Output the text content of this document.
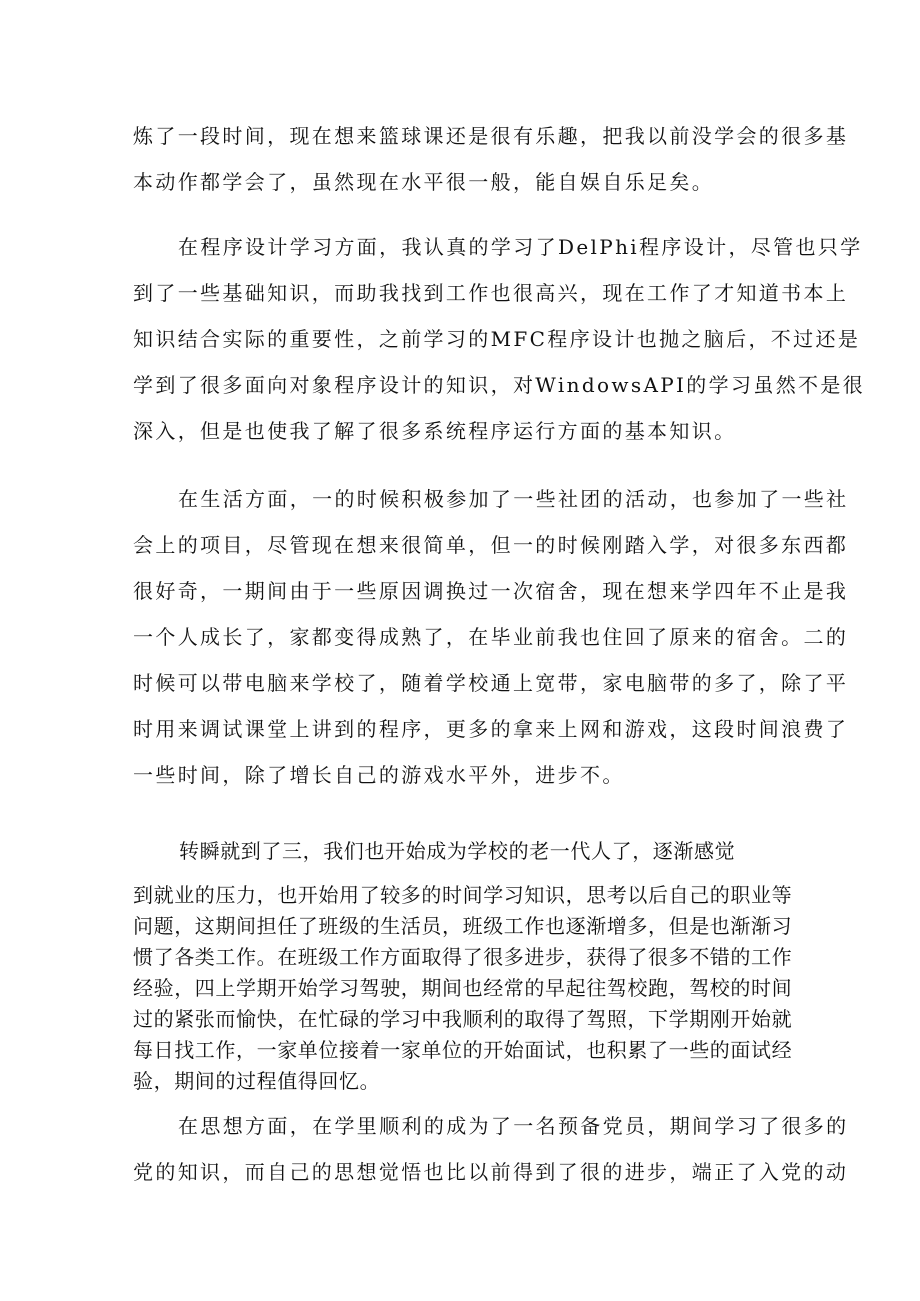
炼了一段时间，现在想来篮球课还是很有乐趣，把我以前没学会的很多基
本动作都学会了，虽然现在水平很一般，能自娱自乐足矣。

在程序设计学习方面，我认真的学习了DelPhi程序设计，尽管也只学
到了一些基础知识，而助我找到工作也很高兴，现在工作了才知道书本上
知识结合实际的重要性，之前学习的MFC程序设计也抛之脑后，不过还是
学到了很多面向对象程序设计的知识，对WindowsAPI的学习虽然不是很
深入，但是也使我了解了很多系统程序运行方面的基本知识。

在生活方面，一的时候积极参加了一些社团的活动，也参加了一些社
会上的项目，尽管现在想来很简单，但一的时候刚踏入学，对很多东西都
很好奇，一期间由于一些原因调换过一次宿舍，现在想来学四年不止是我
一个人成长了，家都变得成熟了，在毕业前我也住回了原来的宿舍。二的
时候可以带电脑来学校了，随着学校通上宽带，家电脑带的多了，除了平
时用来调试课堂上讲到的程序，更多的拿来上网和游戏，这段时间浪费了
一些时间，除了增长自己的游戏水平外，进步不。

转瞬就到了三，我们也开始成为学校的老一代人了，逐渐感觉

到就业的压力，也开始用了较多的时间学习知识，思考以后自己的职业等
问题，这期间担任了班级的生活员，班级工作也逐渐增多，但是也渐渐习
惯了各类工作。在班级工作方面取得了很多进步，获得了很多不错的工作
经验，四上学期开始学习驾驶，期间也经常的早起往驾校跑，驾校的时间
过的紧张而愉快，在忙碌的学习中我顺利的取得了驾照，下学期刚开始就
每日找工作，一家单位接着一家单位的开始面试，也积累了一些的面试经
验，期间的过程值得回忆。

在思想方面，在学里顺利的成为了一名预备党员，期间学习了很多的
党的知识，而自己的思想觉悟也比以前得到了很的进步，端正了入党的动
